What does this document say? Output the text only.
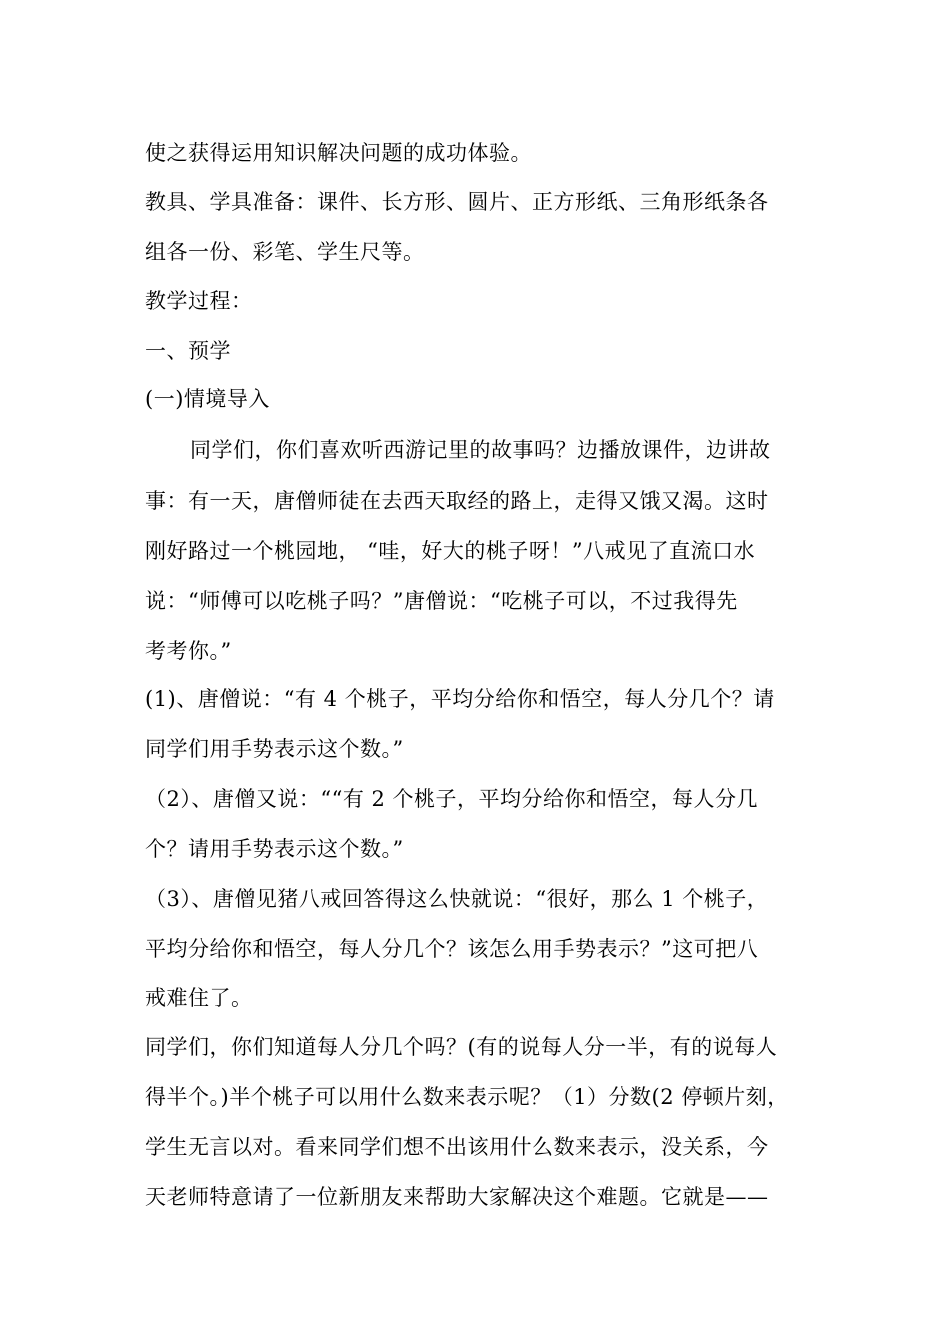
使之获得运用知识解决问题的成功体验。
教具、学具准备：课件、长方形、圆片、正方形纸、三角形纸条各
组各一份、彩笔、学生尺等。
教学过程：
一、预学
(一)情境导入
同学们，你们喜欢听西游记里的故事吗？边播放课件，边讲故
事：有一天，唐僧师徒在去西天取经的路上，走得又饿又渴。这时
刚好路过一个桃园地， “哇，好大的桃子呀！”八戒见了直流口水
说：“师傅可以吃桃子吗？”唐僧说：“吃桃子可以，不过我得先
考考你。”
(1)、唐僧说：“有 4 个桃子，平均分给你和悟空，每人分几个？请
同学们用手势表示这个数。”
（2）、唐僧又说：““有 2 个桃子，平均分给你和悟空，每人分几
个？请用手势表示这个数。”
（3）、唐僧见猪八戒回答得这么快就说：“很好，那么 1 个桃子，
平均分给你和悟空，每人分几个？该怎么用手势表示？”这可把八
戒难住了。
同学们，你们知道每人分几个吗？(有的说每人分一半，有的说每人
得半个。)半个桃子可以用什么数来表示呢？（1）分数(2 停顿片刻，
学生无言以对。看来同学们想不出该用什么数来表示，没关系，今
天老师特意请了一位新朋友来帮助大家解决这个难题。它就是——
